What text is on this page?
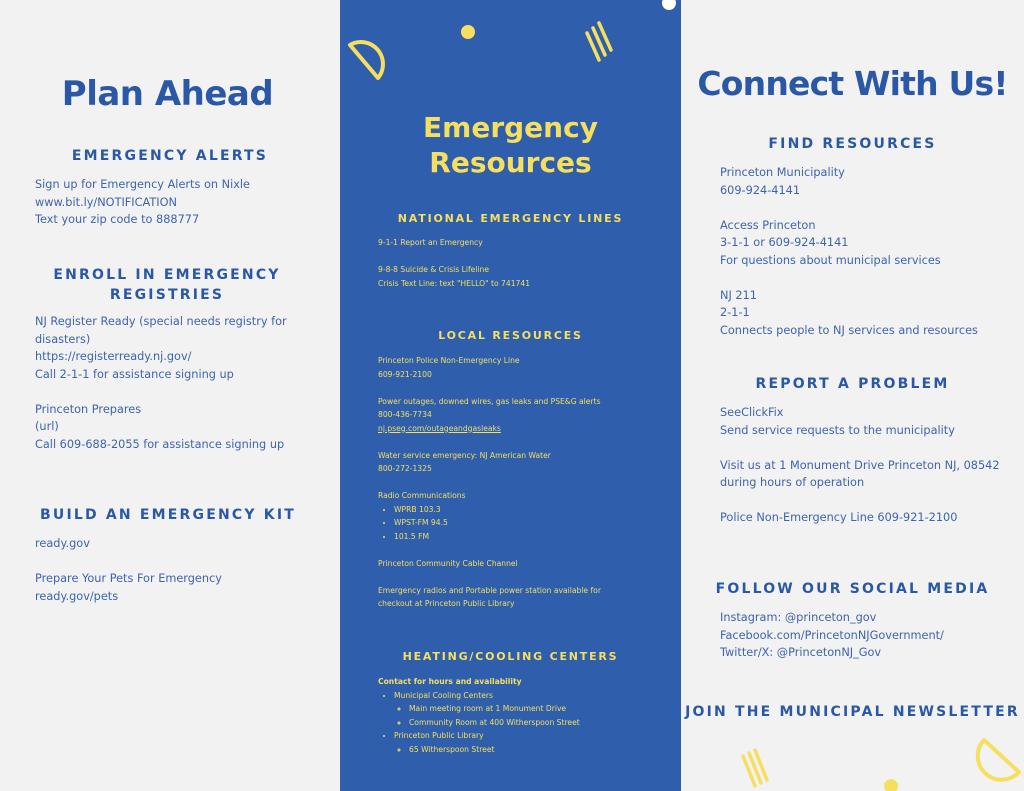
Plan Ahead
EMERGENCY ALERTS
Sign up for Emergency Alerts on Nixle
www.bit.ly/NOTIFICATION
Text your zip code to 888777
ENROLL IN EMERGENCY
REGISTRIES
NJ Register Ready (special needs registry for
disasters)
https://registerready.nj.gov/
Call 2-1-1 for assistance signing up
Princeton Prepares
(url)
Call 609-688-2055 for assistance signing up
BUILD AN EMERGENCY KIT
ready.gov
Prepare Your Pets For Emergency
ready.gov/pets
Emergency
Resources
NATIONAL EMERGENCY LINES
9-1-1 Report an Emergency
9-8-8 Suicide & Crisis Lifeline
Crisis Text Line: text "HELLO" to 741741
LOCAL RESOURCES
Princeton Police Non-Emergency Line
609-921-2100
Power outages, downed wires, gas leaks and PSE&G alerts
800-436-7734
nj.pseg.com/outageandgasleaks
Water service emergency: NJ American Water
800-272-1325
Radio Communications
• WPRB 103.3
• WPST-FM 94.5
• 101.5 FM
Princeton Community Cable Channel
Emergency radios and Portable power station available for
checkout at Princeton Public Library
HEATING/COOLING CENTERS
Contact for hours and availability
• Municipal Cooling Centers
◦ Main meeting room at 1 Monument Drive
◦ Community Room at 400 Witherspoon Street
• Princeton Public Library
◦ 65 Witherspoon Street
Connect With Us!
FIND RESOURCES
Princeton Municipality
609-924-4141
Access Princeton
3-1-1 or 609-924-4141
For questions about municipal services
NJ 211
2-1-1
Connects people to NJ services and resources
REPORT A PROBLEM
SeeClickFix
Send service requests to the municipality
Visit us at 1 Monument Drive Princeton NJ, 08542
during hours of operation
Police Non-Emergency Line 609-921-2100
FOLLOW OUR SOCIAL MEDIA
Instagram: @princeton_gov
Facebook.com/PrincetonNJGovernment/
Twitter/X: @PrincetonNJ_Gov
JOIN THE MUNICIPAL NEWSLETTER
